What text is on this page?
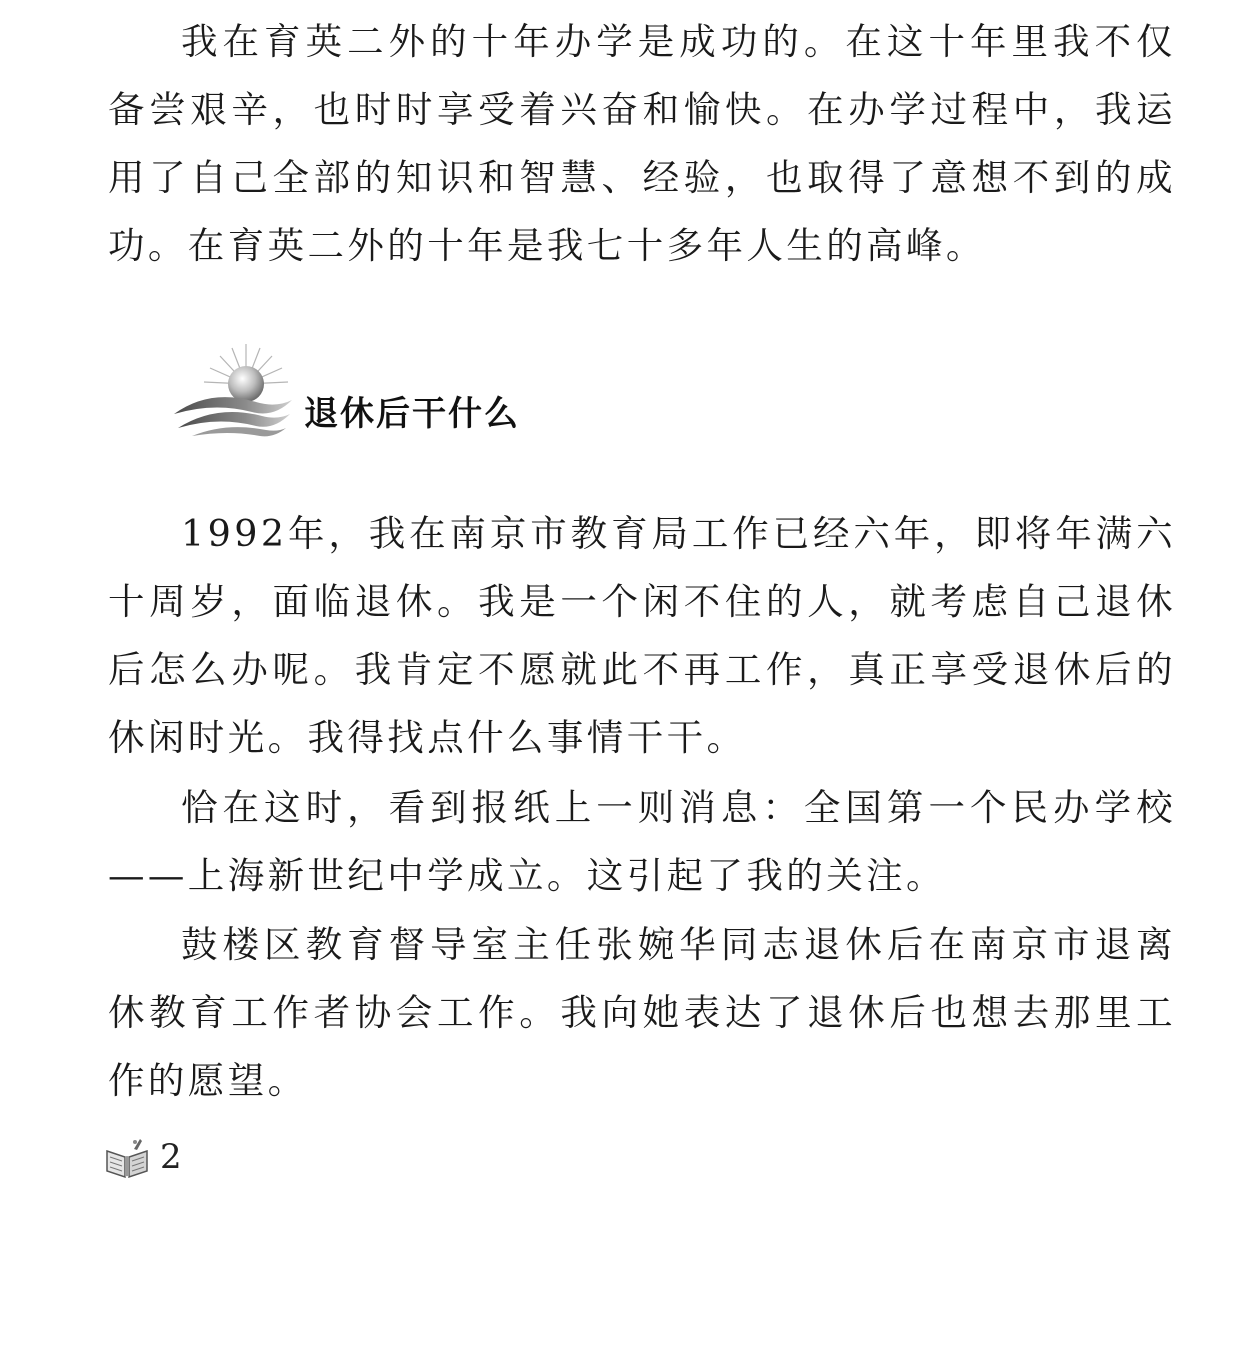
我在育英二外的十年办学是成功的。在这十年里我不仅备尝艰辛，也时时享受着兴奋和愉快。在办学过程中，我运用了自己全部的知识和智慧、经验，也取得了意想不到的成功。在育英二外的十年是我七十多年人生的高峰。

退休后干什么

1992年，我在南京市教育局工作已经六年，即将年满六十周岁，面临退休。我是一个闲不住的人，就考虑自己退休后怎么办呢。我肯定不愿就此不再工作，真正享受退休后的休闲时光。我得找点什么事情干干。

恰在这时，看到报纸上一则消息：全国第一个民办学校——上海新世纪中学成立。这引起了我的关注。

鼓楼区教育督导室主任张婉华同志退休后在南京市退离休教育工作者协会工作。我向她表达了退休后也想去那里工作的愿望。

2
